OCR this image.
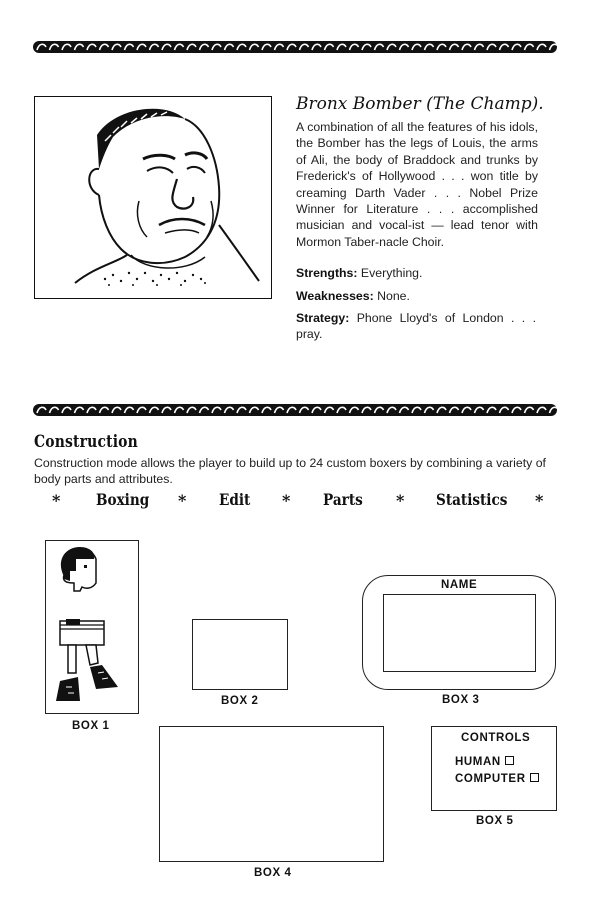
Bronx Bomber (The Champ).
A combination of all the features of his idols, the Bomber has the legs of Louis, the arms of Ali, the body of Braddock and trunks by Frederick's of Hollywood . . . won title by creaming Darth Vader . . . Nobel Prize Winner for Literature . . . accomplished musician and vocal-ist — lead tenor with Mormon Taber-nacle Choir.
Strengths: Everything.
Weaknesses: None.
Strategy: Phone Lloyd's of London . . . pray.
Construction
Construction mode allows the player to build up to 24 custom boxers by combining a variety of body parts and attributes.
* Boxing * Edit * Parts * Statistics *
BOX 1
BOX 2
NAME
BOX 3
BOX 4
CONTROLS
HUMAN
COMPUTER
BOX 5
